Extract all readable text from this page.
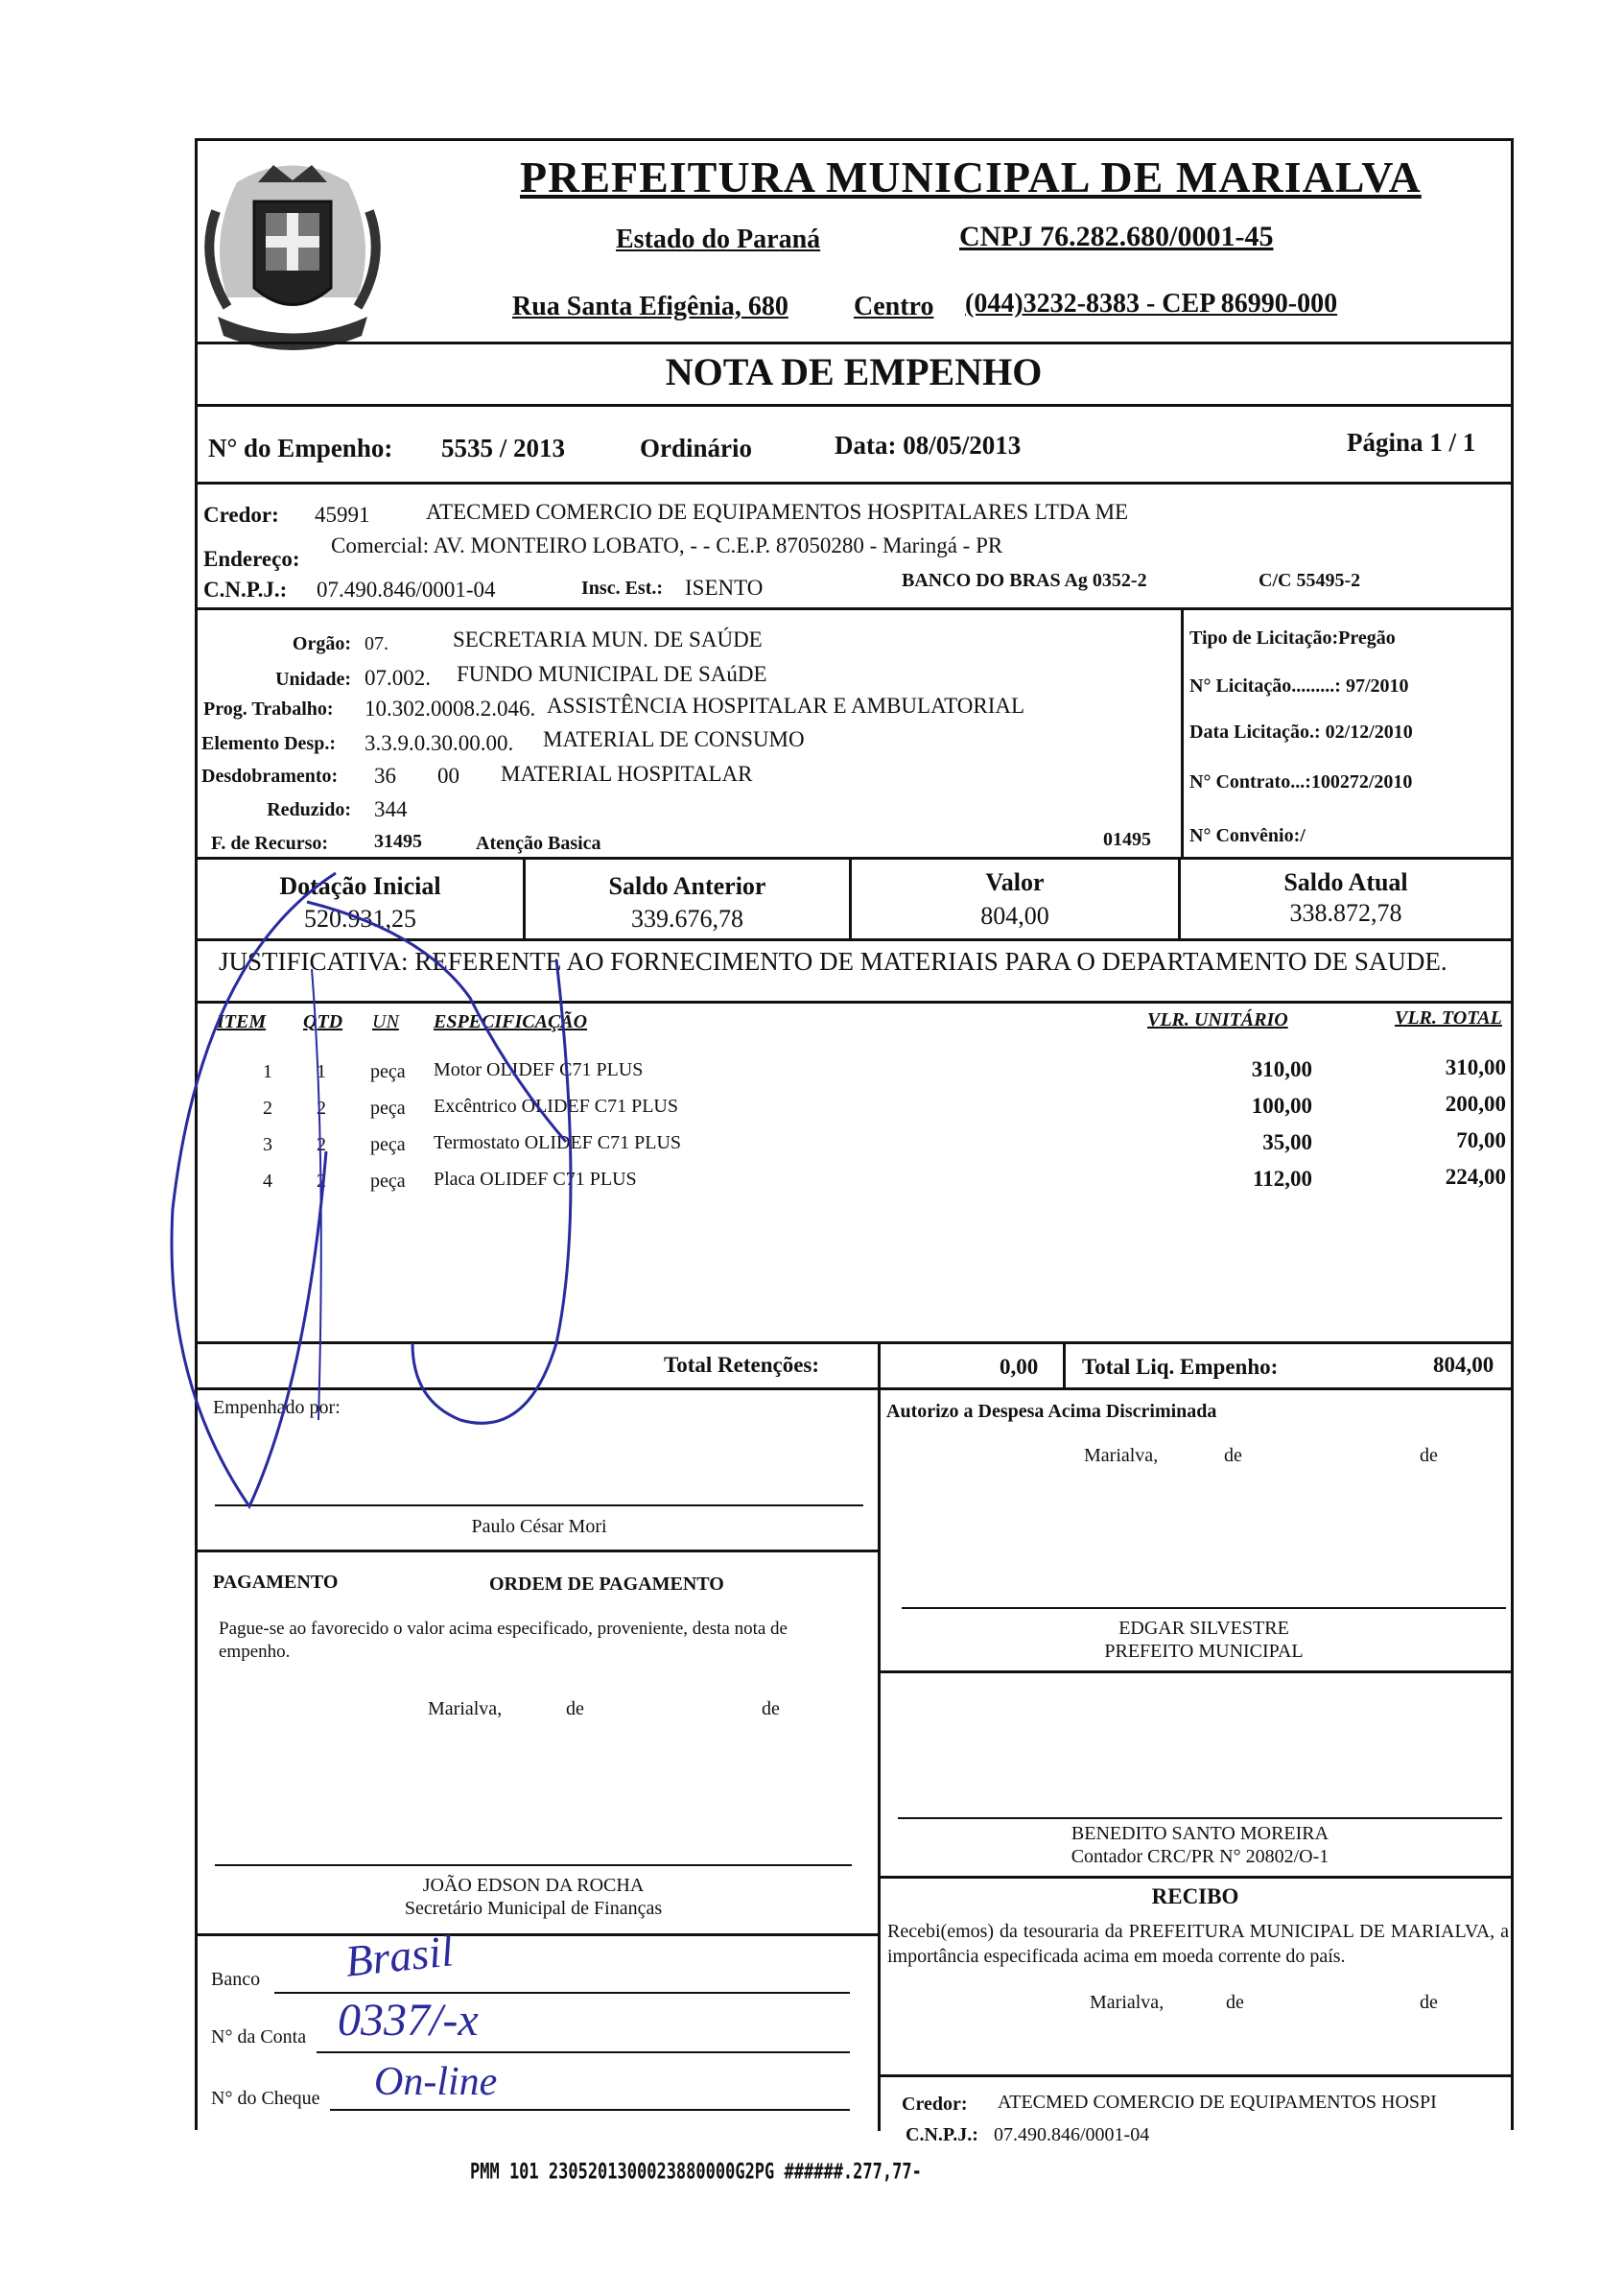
PREFEITURA MUNICIPAL DE MARIALVA
Estado do Paraná	CNPJ 76.282.680/0001-45
Rua Santa Efigênia, 680 Centro (044)3232-8383 - CEP 86990-000
NOTA DE EMPENHO
N° do Empenho: 5535 / 2013	Ordinário	Data: 08/05/2013	Página 1 / 1
Credor: 45991	ATECMED COMERCIO DE EQUIPAMENTOS HOSPITALARES LTDA ME
Endereço:
Comercial: AV. MONTEIRO LOBATO, - - C.E.P. 87050280 - Maringá - PR
C.N.P.J.: 07.490.846/0001-04	Insc. Est.: ISENTO	BANCO DO BRAS Ag 0352-2	C/C 55495-2
Orgão: 07.	SECRETARIA MUN. DE SAÚDE
Unidade: 07.002. FUNDO MUNICIPAL DE SAúDE
Prog. Trabalho: 10.302.0008.2.046. ASSISTÊNCIA HOSPITALAR E AMBULATORIAL
Elemento Desp.: 3.3.9.0.30.00.00. MATERIAL DE CONSUMO
Desdobramento: 36 00 MATERIAL HOSPITALAR
Reduzido: 344
F. de Recurso: 31495	Atenção Basica	01495
Tipo de Licitação:Pregão
N° Licitação.........: 97/2010
Data Licitação.: 02/12/2010
N° Contrato...:100272/2010
N° Convênio:/
Dotação Inicial
520.931,25
Saldo Anterior
339.676,78
Valor
804,00
Saldo Atual
338.872,78
JUSTIFICATIVA: REFERENTE AO FORNECIMENTO DE MATERIAIS PARA O DEPARTAMENTO DE SAUDE.
ITEM QTD UN ESPECIFICAÇÃO	VLR. UNITÁRIO	VLR. TOTAL
1 1 peça Motor OLIDEF C71 PLUS	310,00	310,00
2 2 peça Excêntrico OLIDEF C71 PLUS	100,00	200,00
3 2 peça Termostato OLIDEF C71 PLUS	35,00	70,00
4 2 peça Placa OLIDEF C71 PLUS	112,00	224,00
Total Retenções:	0,00 Total Liq. Empenho:	804,00
Empenhado por:
Paulo César Mori
PAGAMENTO	ORDEM DE PAGAMENTO
Pague-se ao favorecido o valor acima especificado, proveniente, desta nota de empenho.
Marialva,	de	de
JOÃO EDSON DA ROCHA
Secretário Municipal de Finanças
Banco Brasil
N° da Conta 0337/-x
N° do Cheque On-line
Autorizo a Despesa Acima Discriminada
Marialva,	de	de
EDGAR SILVESTRE
PREFEITO MUNICIPAL
BENEDITO SANTO MOREIRA
Contador CRC/PR N° 20802/O-1
RECIBO
Recebi(emos) da tesouraria da PREFEITURA MUNICIPAL DE MARIALVA, a importância especificada acima em moeda corrente do país.
Marialva,	de	de
Credor: ATECMED COMERCIO DE EQUIPAMENTOS HOSPI
C.N.P.J.: 07.490.846/0001-04
PMM 101 2305201300023880000G2PG ######.277,77-
